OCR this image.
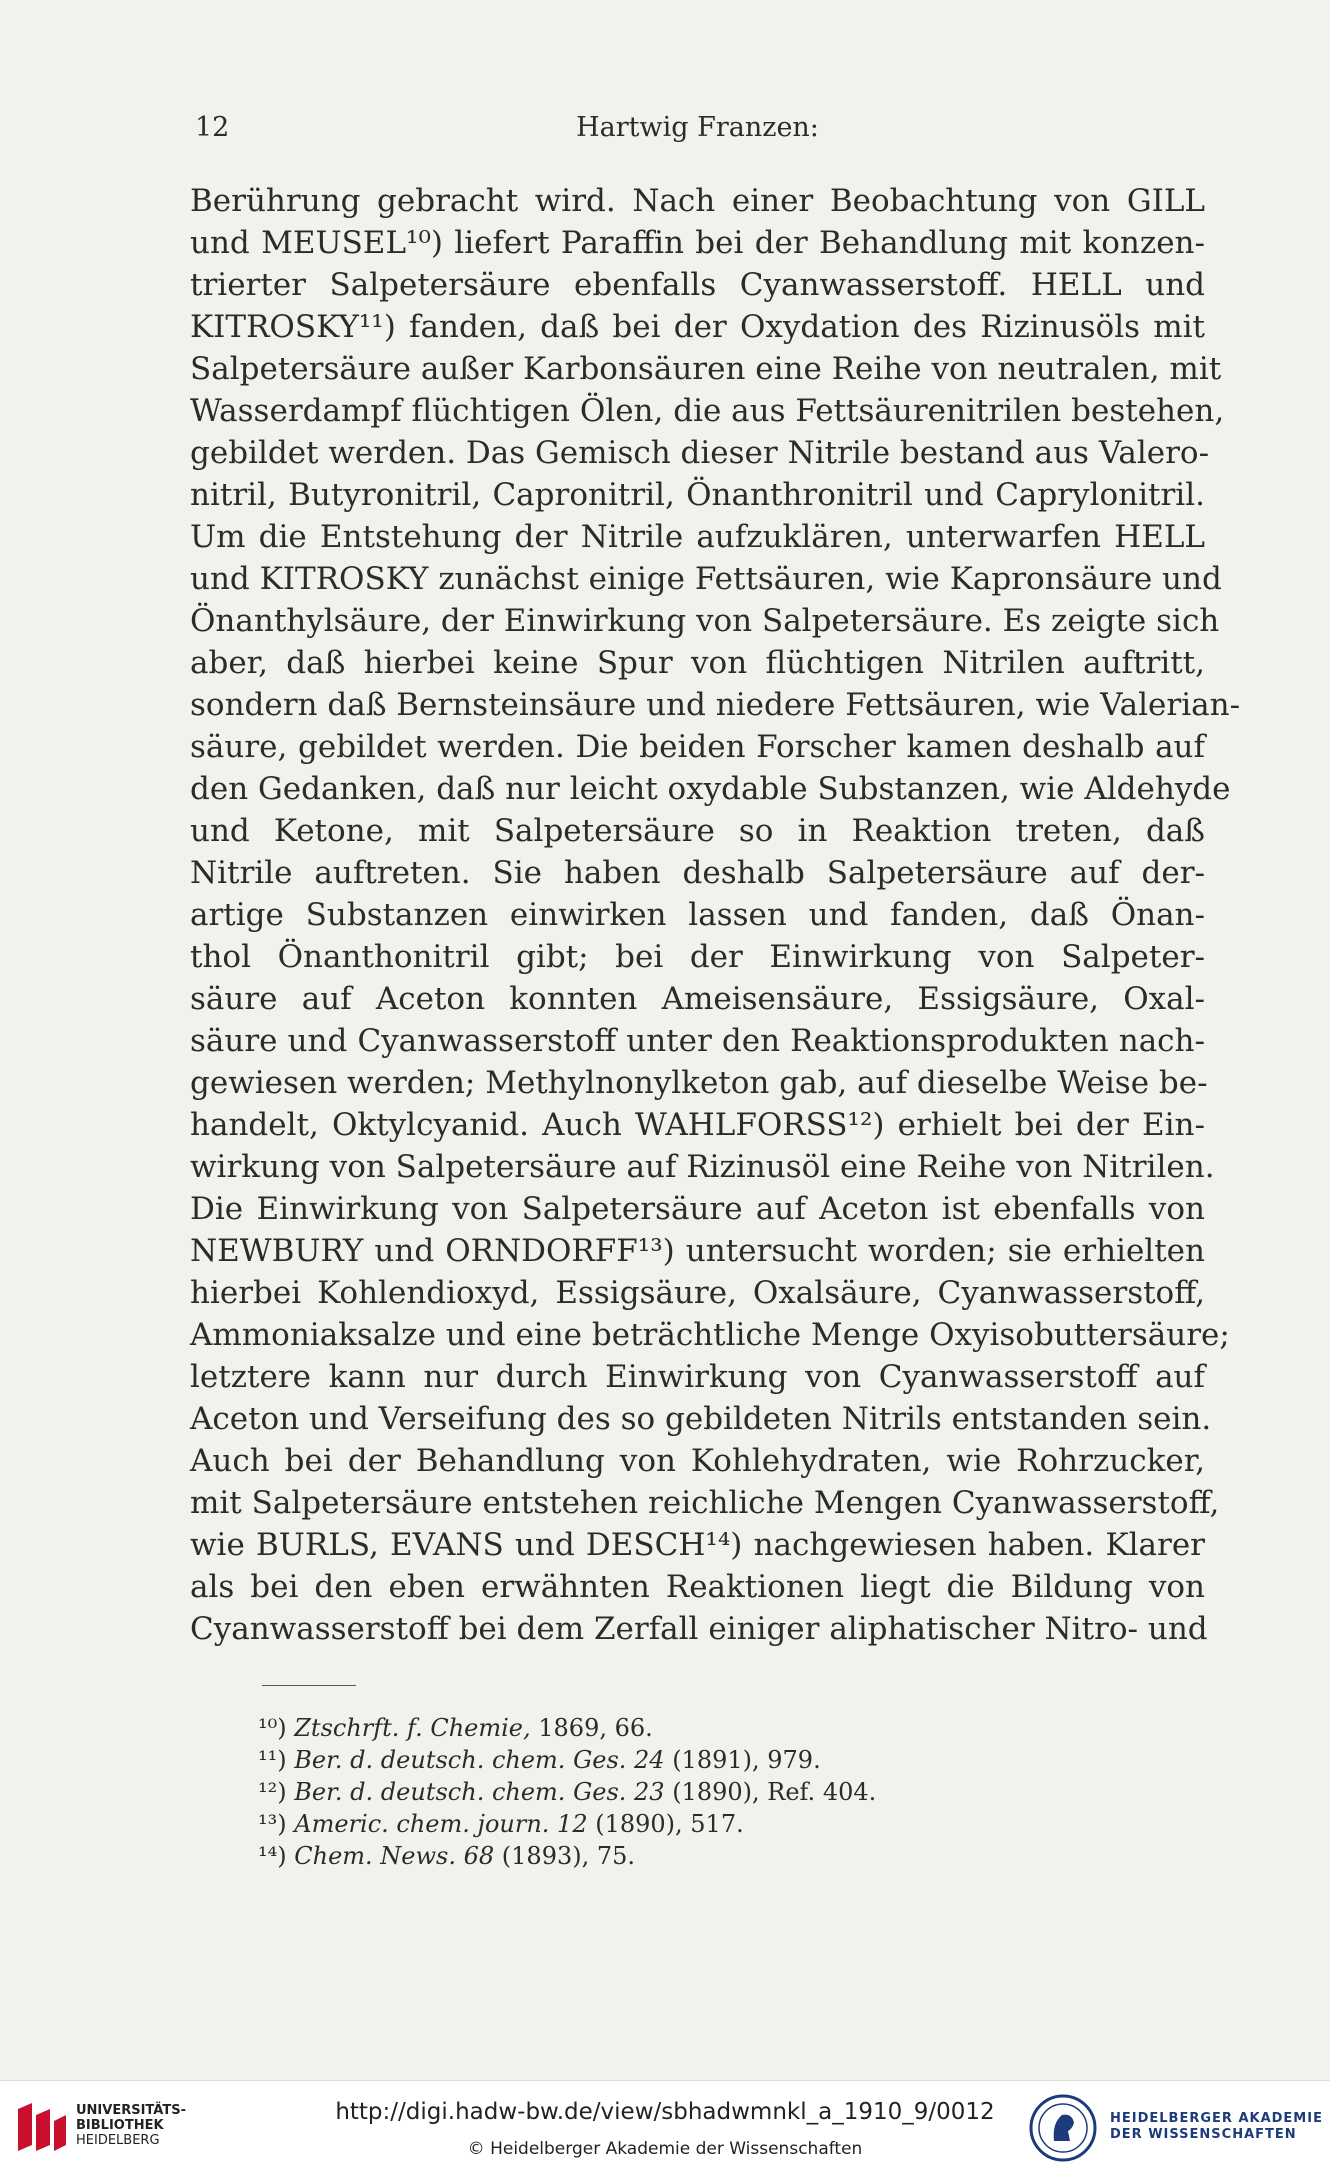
12	Hartwig Franzen:
Berührung gebracht wird. Nach einer Beobachtung von GILL
und MEUSEL¹⁰) liefert Paraffin bei der Behandlung mit konzen-
trierter Salpetersäure ebenfalls Cyanwasserstoff. HELL und
KITROSKY¹¹) fanden, daß bei der Oxydation des Rizinusöls mit
Salpetersäure außer Karbonsäuren eine Reihe von neutralen, mit
Wasserdampf flüchtigen Ölen, die aus Fettsäurenitrilen bestehen,
gebildet werden. Das Gemisch dieser Nitrile bestand aus Valero-
nitril, Butyronitril, Capronitril, Önanthronitril und Caprylonitril.
Um die Entstehung der Nitrile aufzuklären, unterwarfen HELL
und KITROSKY zunächst einige Fettsäuren, wie Kapronsäure und
Önanthylsäure, der Einwirkung von Salpetersäure. Es zeigte sich
aber, daß hierbei keine Spur von flüchtigen Nitrilen auftritt,
sondern daß Bernsteinsäure und niedere Fettsäuren, wie Valerian-
säure, gebildet werden. Die beiden Forscher kamen deshalb auf
den Gedanken, daß nur leicht oxydable Substanzen, wie Aldehyde
und Ketone, mit Salpetersäure so in Reaktion treten, daß
Nitrile auftreten. Sie haben deshalb Salpetersäure auf der-
artige Substanzen einwirken lassen und fanden, daß Önan-
thol Önanthonitril gibt; bei der Einwirkung von Salpeter-
säure auf Aceton konnten Ameisensäure, Essigsäure, Oxal-
säure und Cyanwasserstoff unter den Reaktionsprodukten nach-
gewiesen werden; Methylnonylketon gab, auf dieselbe Weise be-
handelt, Oktylcyanid. Auch WAHLFORSS¹²) erhielt bei der Ein-
wirkung von Salpetersäure auf Rizinusöl eine Reihe von Nitrilen.
Die Einwirkung von Salpetersäure auf Aceton ist ebenfalls von
NEWBURY und ORNDORFF¹³) untersucht worden; sie erhielten
hierbei Kohlendioxyd, Essigsäure, Oxalsäure, Cyanwasserstoff,
Ammoniaksalze und eine beträchtliche Menge Oxyisobuttersäure;
letztere kann nur durch Einwirkung von Cyanwasserstoff auf
Aceton und Verseifung des so gebildeten Nitrils entstanden sein.
Auch bei der Behandlung von Kohlehydraten, wie Rohrzucker,
mit Salpetersäure entstehen reichliche Mengen Cyanwasserstoff,
wie BURLS, EVANS und DESCH¹⁴) nachgewiesen haben. Klarer
als bei den eben erwähnten Reaktionen liegt die Bildung von
Cyanwasserstoff bei dem Zerfall einiger aliphatischer Nitro- und
¹⁰) Ztschrft. f. Chemie, 1869, 66.
¹¹) Ber. d. deutsch. chem. Ges. 24 (1891), 979.
¹²) Ber. d. deutsch. chem. Ges. 23 (1890), Ref. 404.
¹³) Americ. chem. journ. 12 (1890), 517.
¹⁴) Chem. News. 68 (1893), 75.
UNIVERSITÄTS-
BIBLIOTHEK
HEIDELBERG
http://digi.hadw-bw.de/view/sbhadwmnkl_a_1910_9/0012
© Heidelberger Akademie der Wissenschaften
HEIDELBERGER AKADEMIE
DER WISSENSCHAFTEN
